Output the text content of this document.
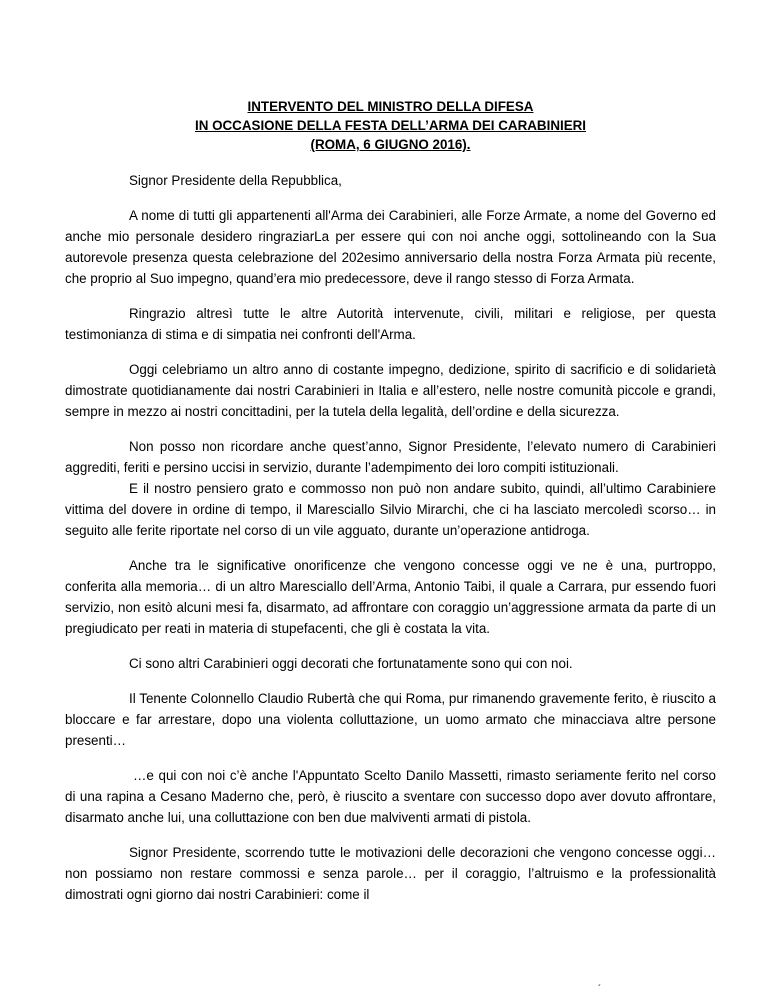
INTERVENTO DEL MINISTRO DELLA DIFESA
IN OCCASIONE DELLA FESTA DELL’ARMA DEI CARABINIERI
(ROMA, 6 GIUGNO 2016).
Signor Presidente della Repubblica,
A nome di tutti gli appartenenti all'Arma dei Carabinieri, alle Forze Armate, a nome del Governo ed anche mio personale desidero ringraziarLa per essere qui con noi anche oggi, sottolineando con la Sua autorevole presenza questa celebrazione del 202esimo anniversario della nostra Forza Armata più recente, che proprio al Suo impegno, quand’era mio predecessore, deve il rango stesso di Forza Armata.
Ringrazio altresì tutte le altre Autorità intervenute, civili, militari e religiose, per questa testimonianza di stima e di simpatia nei confronti dell'Arma.
Oggi celebriamo un altro anno di costante impegno, dedizione, spirito di sacrificio e di solidarietà dimostrate quotidianamente dai nostri Carabinieri in Italia e all’estero, nelle nostre comunità piccole e grandi, sempre in mezzo ai nostri concittadini, per la tutela della legalità, dell’ordine e della sicurezza.
Non posso non ricordare anche quest’anno, Signor Presidente, l’elevato numero di Carabinieri aggrediti, feriti e persino uccisi in servizio, durante l’adempimento dei loro compiti istituzionali.
E il nostro pensiero grato e commosso non può non andare subito, quindi, all’ultimo Carabiniere vittima del dovere in ordine di tempo, il Maresciallo Silvio Mirarchi, che ci ha lasciato mercoledì scorso… in seguito alle ferite riportate nel corso di un vile agguato, durante un’operazione antidroga.
Anche tra le significative onorificenze che vengono concesse oggi ve ne è una, purtroppo, conferita alla memoria… di un altro Maresciallo dell’Arma, Antonio Taibi, il quale a Carrara, pur essendo fuori servizio, non esitò alcuni mesi fa, disarmato, ad affrontare con coraggio un’aggressione armata da parte di un pregiudicato per reati in materia di stupefacenti, che gli è costata la vita.
Ci sono altri Carabinieri oggi decorati che fortunatamente sono qui con noi.
Il Tenente Colonnello Claudio Rubertà che qui Roma, pur rimanendo gravemente ferito, è riuscito a bloccare e far arrestare, dopo una violenta colluttazione, un uomo armato che minacciava altre persone presenti…
…e qui con noi c’è anche l'Appuntato Scelto Danilo Massetti, rimasto seriamente ferito nel corso di una rapina a Cesano Maderno che, però, è riuscito a sventare con successo dopo aver dovuto affrontare, disarmato anche lui, una colluttazione con ben due malviventi armati di pistola.
Signor Presidente, scorrendo tutte le motivazioni delle decorazioni che vengono concesse oggi… non possiamo non restare commossi e senza parole… per il coraggio, l’altruismo e la professionalità dimostrati ogni giorno dai nostri Carabinieri: come il
´
